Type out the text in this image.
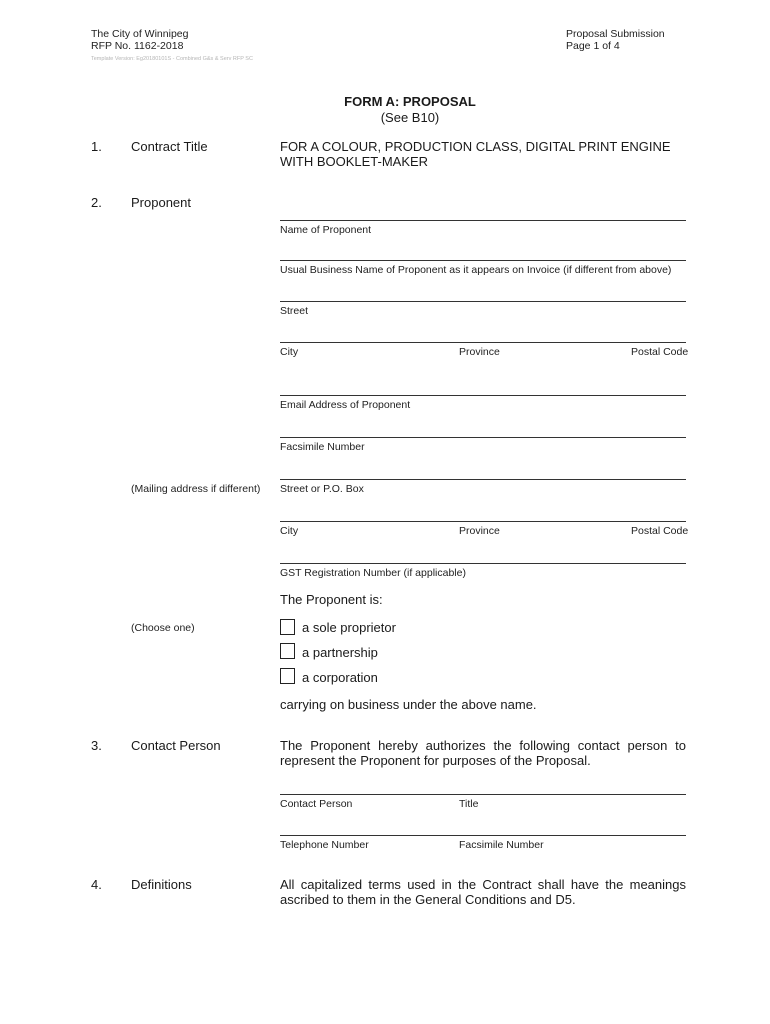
The City of Winnipeg
RFP No. 1162-2018
Template Version: Eg20180101S - Combined G&s & Serv RFP SC
Proposal Submission
Page 1 of 4
FORM A: PROPOSAL
(See B10)
1. Contract Title	FOR A COLOUR, PRODUCTION CLASS, DIGITAL PRINT ENGINE
WITH BOOKLET-MAKER
2. Proponent
Name of Proponent
Usual Business Name of Proponent as it appears on Invoice (if different from above)
Street
City	Province	Postal Code
Email Address of Proponent
Facsimile Number
(Mailing address if different) Street or P.O. Box
City	Province	Postal Code
GST Registration Number (if applicable)
The Proponent is:
(Choose one)	a sole proprietor
a partnership
a corporation
carrying on business under the above name.
3. Contact Person	The Proponent hereby authorizes the following contact person to represent the Proponent for purposes of the Proposal.
Contact Person	Title
Telephone Number	Facsimile Number
4. Definitions	All capitalized terms used in the Contract shall have the meanings ascribed to them in the General Conditions and D5.
